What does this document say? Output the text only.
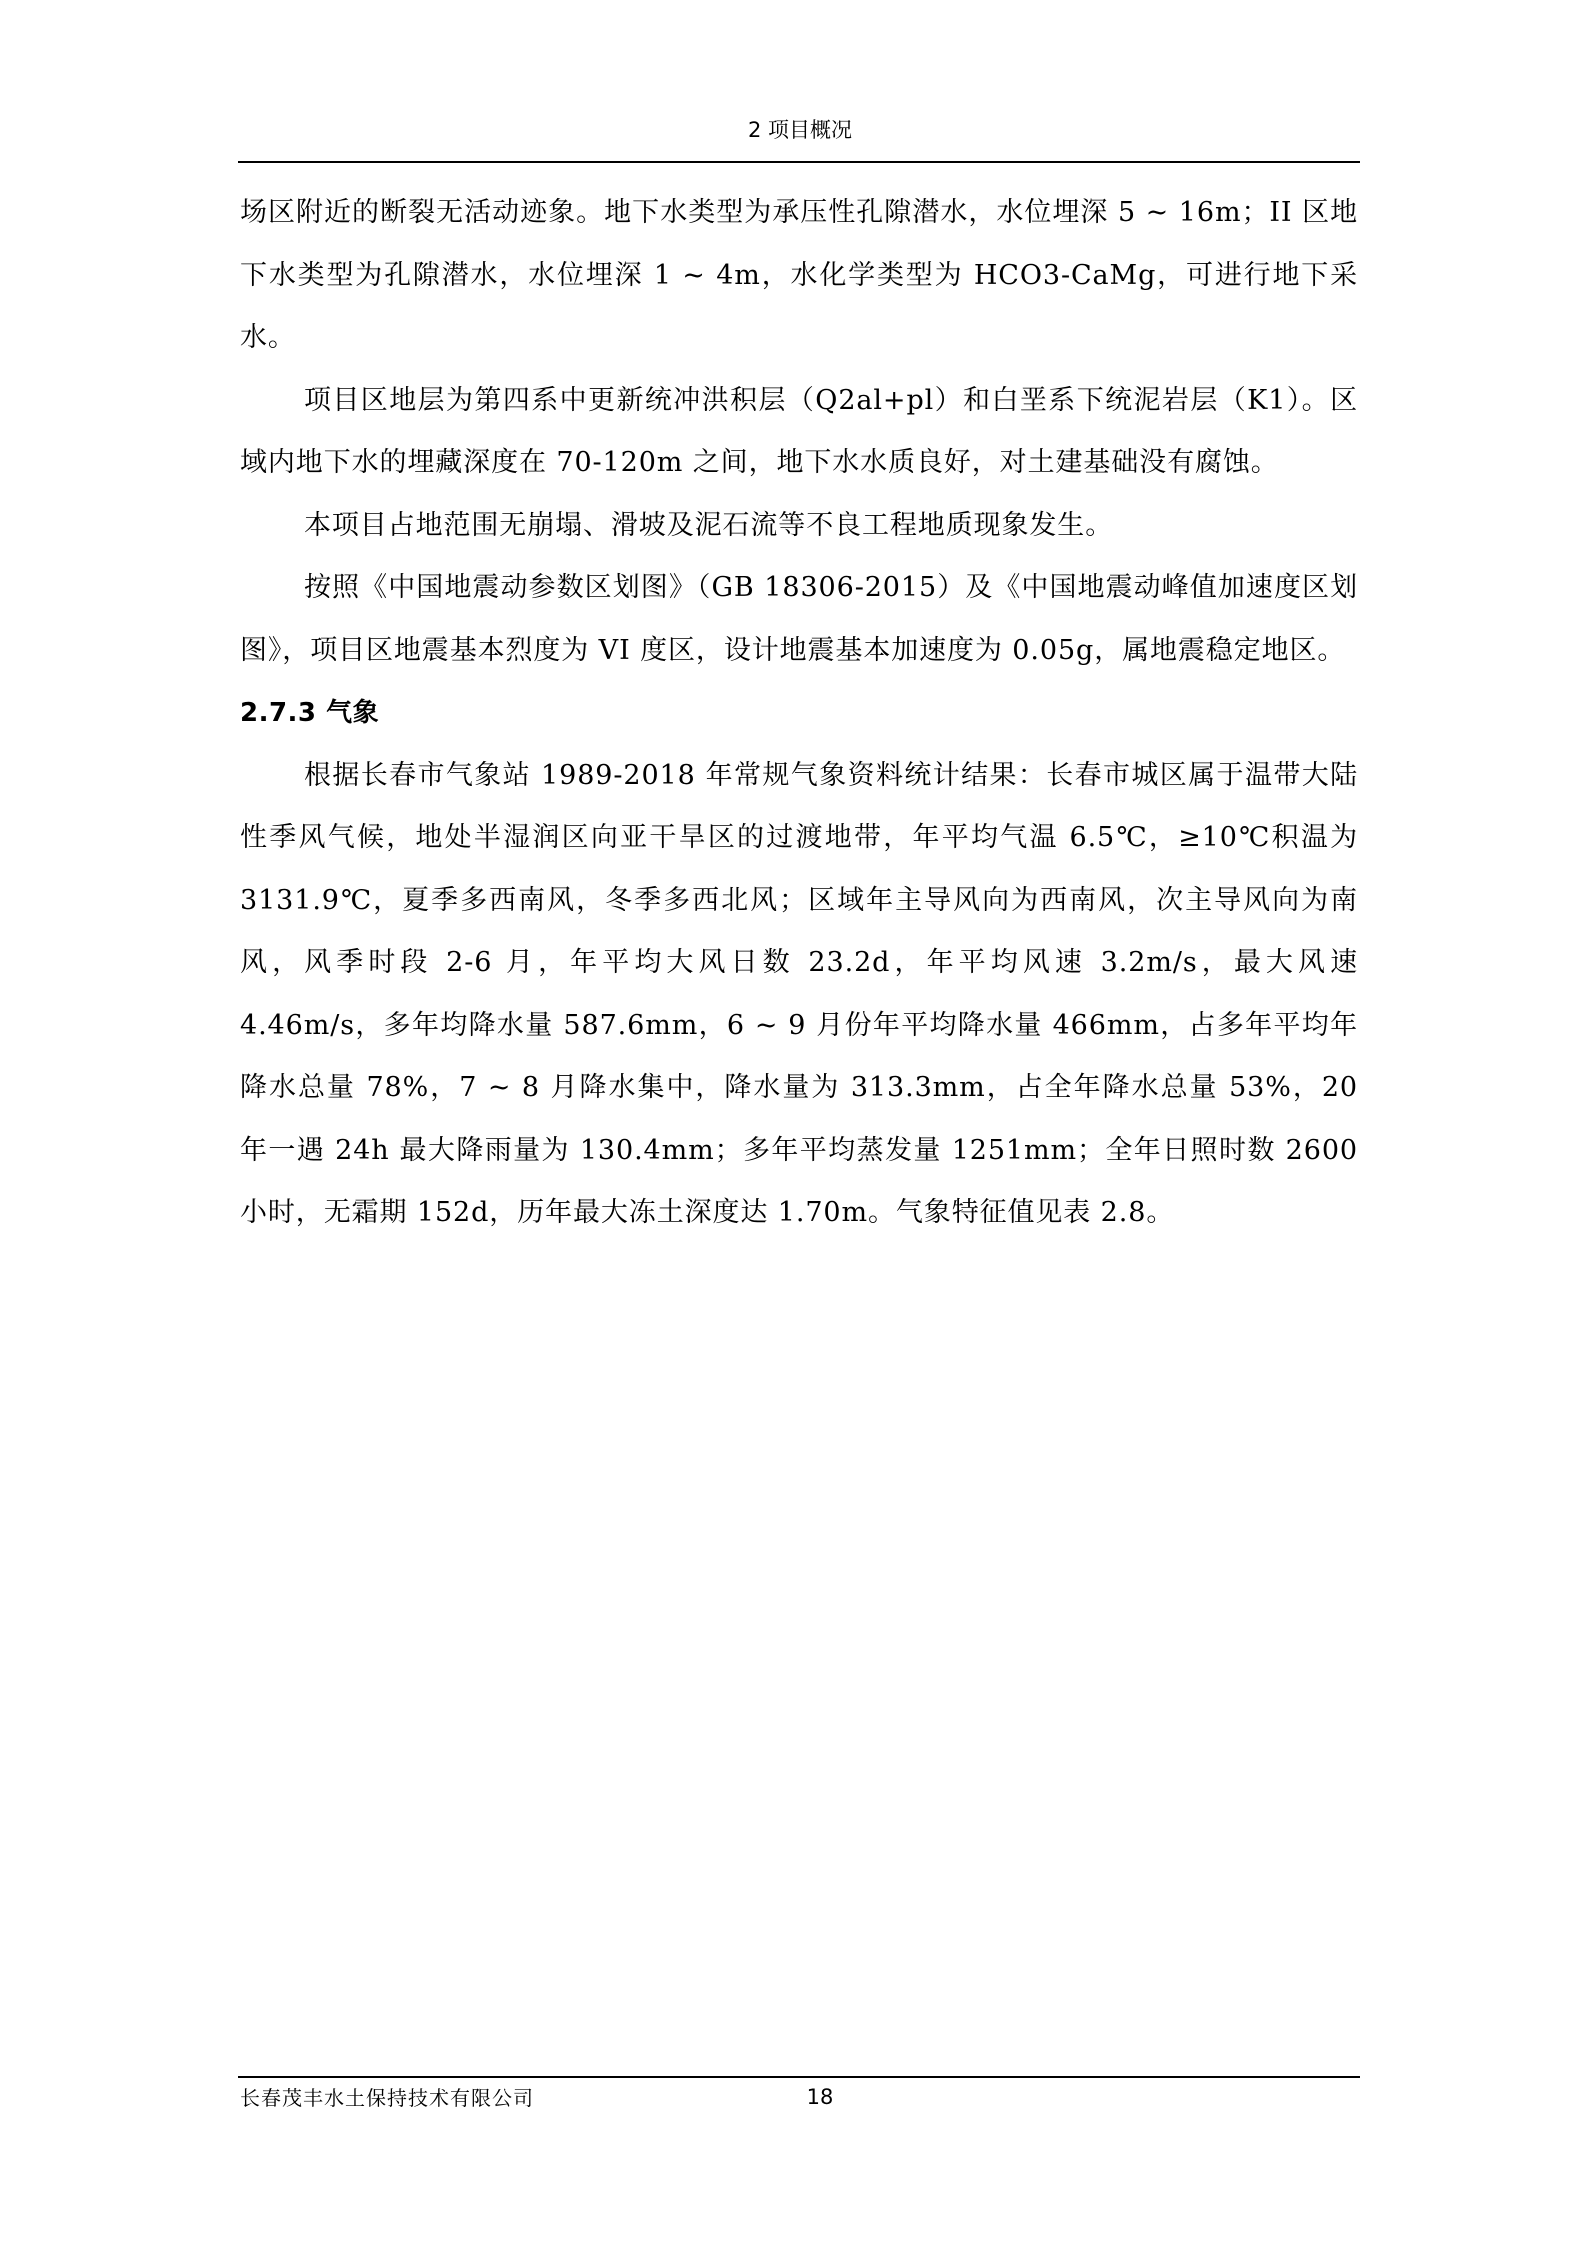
2 项目概况

场区附近的断裂无活动迹象。地下水类型为承压性孔隙潜水，水位埋深 5 ~ 16m；II 区地下水类型为孔隙潜水，水位埋深 1 ~ 4m，水化学类型为 HCO3-CaMg，可进行地下采水。

项目区地层为第四系中更新统冲洪积层（Q2al+pl）和白垩系下统泥岩层（K1）。区域内地下水的埋藏深度在 70-120m 之间，地下水水质良好，对土建基础没有腐蚀。

本项目占地范围无崩塌、滑坡及泥石流等不良工程地质现象发生。

按照《中国地震动参数区划图》（GB 18306-2015）及《中国地震动峰值加速度区划图》，项目区地震基本烈度为 VI 度区，设计地震基本加速度为 0.05g，属地震稳定地区。

2.7.3 气象

根据长春市气象站 1989-2018 年常规气象资料统计结果：长春市城区属于温带大陆性季风气候，地处半湿润区向亚干旱区的过渡地带，年平均气温 6.5℃，≥10℃积温为 3131.9℃，夏季多西南风，冬季多西北风；区域年主导风向为西南风，次主导风向为南风，风季时段 2-6 月，年平均大风日数 23.2d，年平均风速 3.2m/s，最大风速 4.46m/s，多年均降水量 587.6mm，6 ~ 9 月份年平均降水量 466mm，占多年平均年降水总量 78%，7 ~ 8 月降水集中，降水量为 313.3mm，占全年降水总量 53%，20 年一遇 24h 最大降雨量为 130.4mm；多年平均蒸发量 1251mm；全年日照时数 2600 小时，无霜期 152d，历年最大冻土深度达 1.70m。气象特征值见表 2.8。

长春茂丰水土保持技术有限公司	18
